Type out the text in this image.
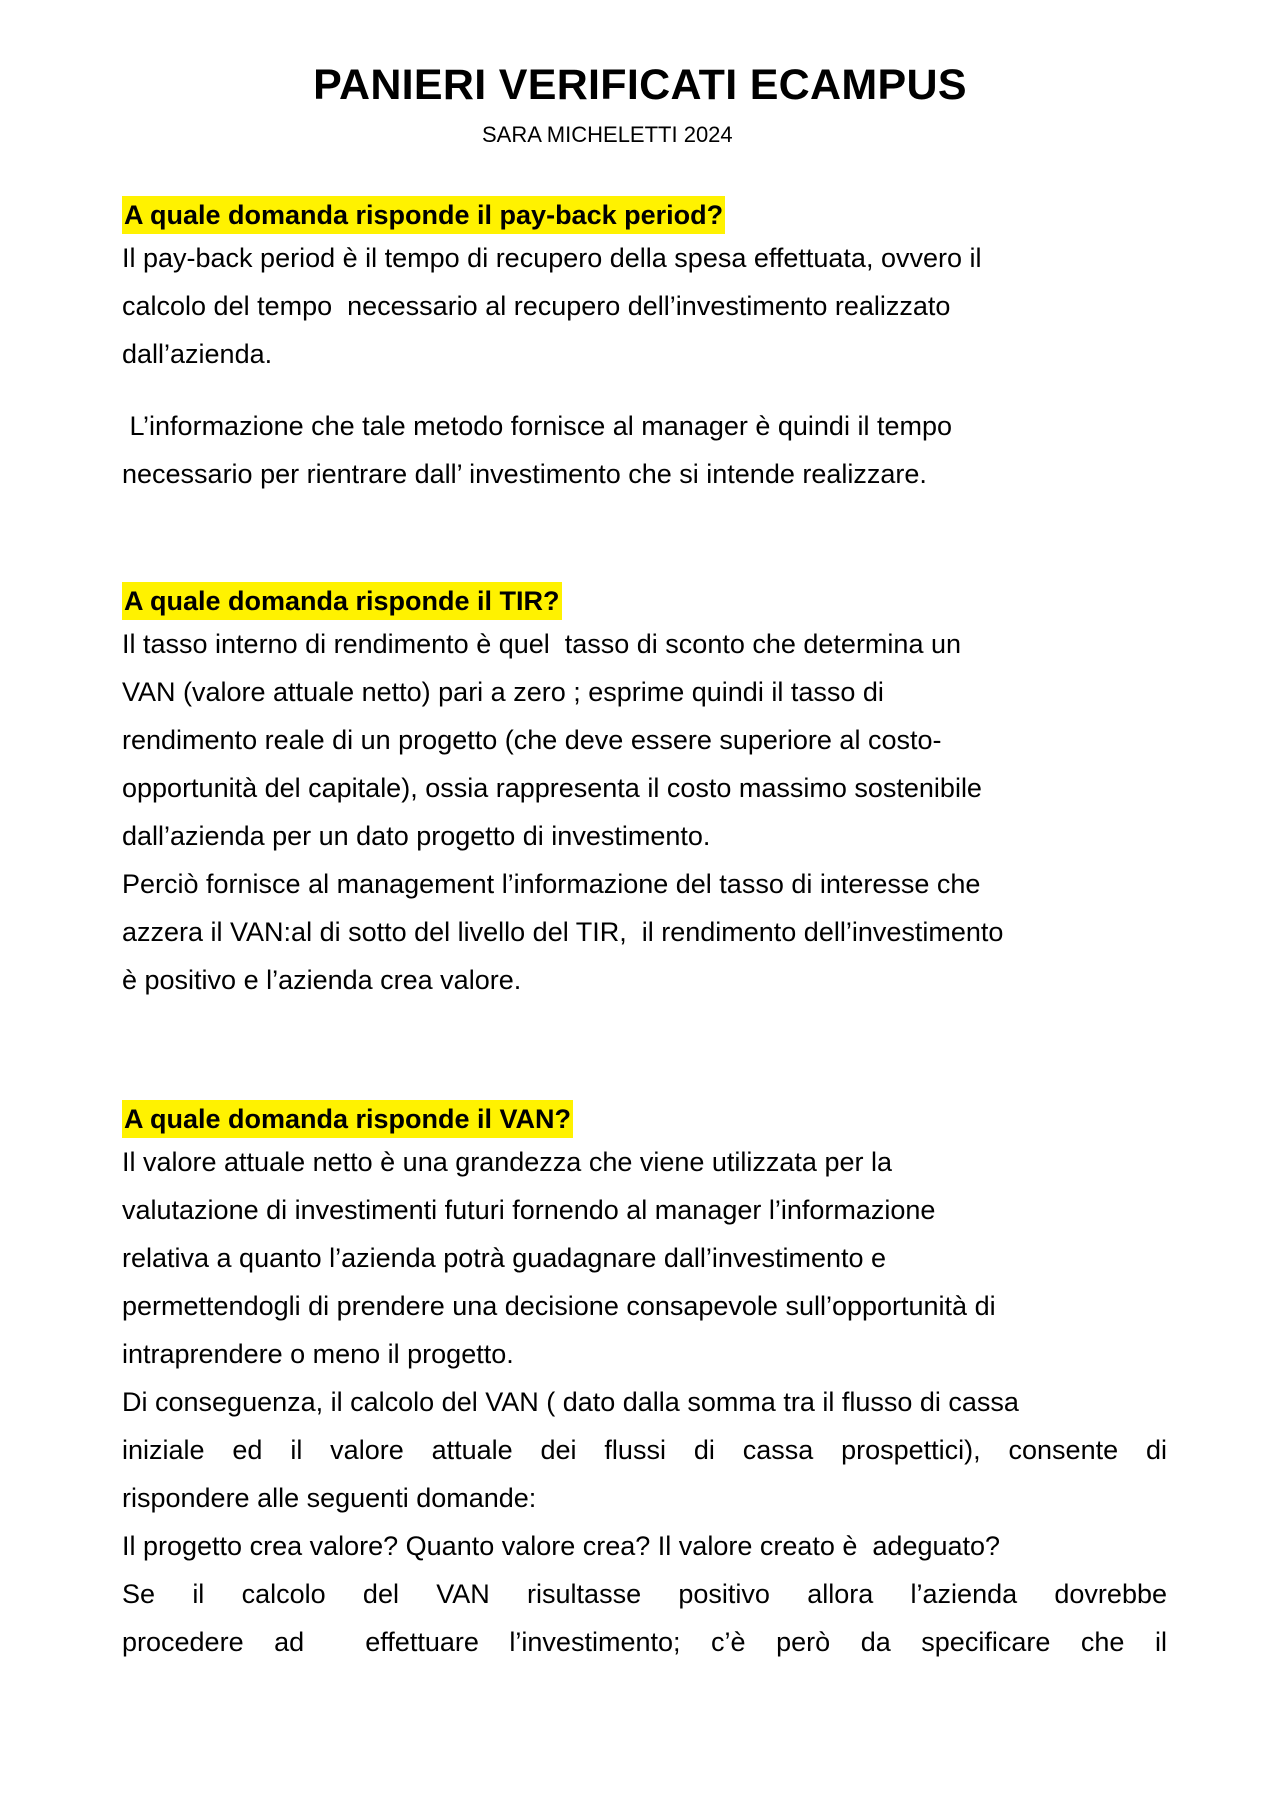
PANIERI VERIFICATI ECAMPUS

SARA MICHELETTI 2024

A quale domanda risponde il pay-back period?

Il pay-back period è il tempo di recupero della spesa effettuata, ovvero il

calcolo del tempo  necessario al recupero dell’investimento realizzato

dall’azienda.

L’informazione che tale metodo fornisce al manager è quindi il tempo

necessario per rientrare dall’ investimento che si intende realizzare.

A quale domanda risponde il TIR?

Il tasso interno di rendimento è quel  tasso di sconto che determina un

VAN (valore attuale netto) pari a zero ; esprime quindi il tasso di

rendimento reale di un progetto (che deve essere superiore al costo-

opportunità del capitale), ossia rappresenta il costo massimo sostenibile

dall’azienda per un dato progetto di investimento.

Perciò fornisce al management l’informazione del tasso di interesse che

azzera il VAN:al di sotto del livello del TIR,  il rendimento dell’investimento

è positivo e l’azienda crea valore.

A quale domanda risponde il VAN?

Il valore attuale netto è una grandezza che viene utilizzata per la

valutazione di investimenti futuri fornendo al manager l’informazione

relativa a quanto l’azienda potrà guadagnare dall’investimento e

permettendogli di prendere una decisione consapevole sull’opportunità di

intraprendere o meno il progetto.

Di conseguenza, il calcolo del VAN ( dato dalla somma tra il flusso di cassa

iniziale ed il valore attuale dei flussi di cassa prospettici), consente di

rispondere alle seguenti domande:

Il progetto crea valore? Quanto valore crea? Il valore creato è  adeguato?

Se il calcolo del VAN risultasse positivo allora l’azienda dovrebbe

procedere ad  effettuare l’investimento; c’è però da specificare che il
